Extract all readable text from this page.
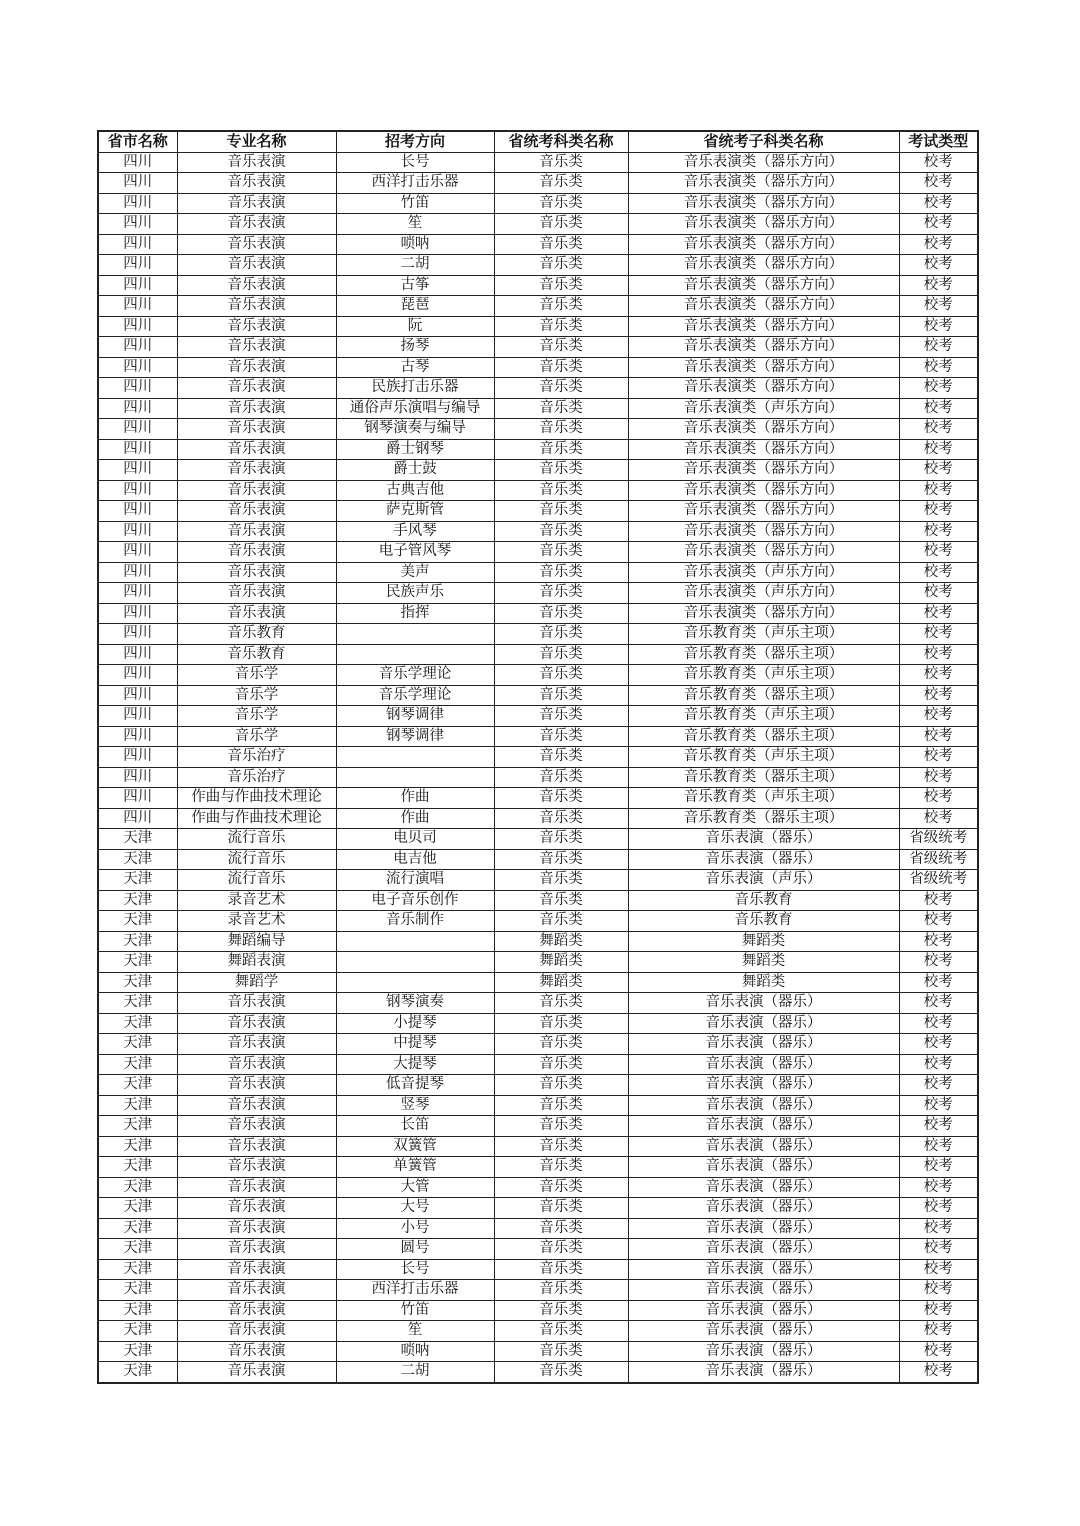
省市名称	专业名称	招考方向	省统考科类名称	省统考子科类名称	考试类型
四川	音乐表演	长号	音乐类	音乐表演类（器乐方向）	校考
四川	音乐表演	西洋打击乐器	音乐类	音乐表演类（器乐方向）	校考
四川	音乐表演	竹笛	音乐类	音乐表演类（器乐方向）	校考
四川	音乐表演	笙	音乐类	音乐表演类（器乐方向）	校考
四川	音乐表演	唢呐	音乐类	音乐表演类（器乐方向）	校考
四川	音乐表演	二胡	音乐类	音乐表演类（器乐方向）	校考
四川	音乐表演	古筝	音乐类	音乐表演类（器乐方向）	校考
四川	音乐表演	琵琶	音乐类	音乐表演类（器乐方向）	校考
四川	音乐表演	阮	音乐类	音乐表演类（器乐方向）	校考
四川	音乐表演	扬琴	音乐类	音乐表演类（器乐方向）	校考
四川	音乐表演	古琴	音乐类	音乐表演类（器乐方向）	校考
四川	音乐表演	民族打击乐器	音乐类	音乐表演类（器乐方向）	校考
四川	音乐表演	通俗声乐演唱与编导	音乐类	音乐表演类（声乐方向）	校考
四川	音乐表演	钢琴演奏与编导	音乐类	音乐表演类（器乐方向）	校考
四川	音乐表演	爵士钢琴	音乐类	音乐表演类（器乐方向）	校考
四川	音乐表演	爵士鼓	音乐类	音乐表演类（器乐方向）	校考
四川	音乐表演	古典吉他	音乐类	音乐表演类（器乐方向）	校考
四川	音乐表演	萨克斯管	音乐类	音乐表演类（器乐方向）	校考
四川	音乐表演	手风琴	音乐类	音乐表演类（器乐方向）	校考
四川	音乐表演	电子管风琴	音乐类	音乐表演类（器乐方向）	校考
四川	音乐表演	美声	音乐类	音乐表演类（声乐方向）	校考
四川	音乐表演	民族声乐	音乐类	音乐表演类（声乐方向）	校考
四川	音乐表演	指挥	音乐类	音乐表演类（器乐方向）	校考
四川	音乐教育		音乐类	音乐教育类（声乐主项）	校考
四川	音乐教育		音乐类	音乐教育类（器乐主项）	校考
四川	音乐学	音乐学理论	音乐类	音乐教育类（声乐主项）	校考
四川	音乐学	音乐学理论	音乐类	音乐教育类（器乐主项）	校考
四川	音乐学	钢琴调律	音乐类	音乐教育类（声乐主项）	校考
四川	音乐学	钢琴调律	音乐类	音乐教育类（器乐主项）	校考
四川	音乐治疗		音乐类	音乐教育类（声乐主项）	校考
四川	音乐治疗		音乐类	音乐教育类（器乐主项）	校考
四川	作曲与作曲技术理论	作曲	音乐类	音乐教育类（声乐主项）	校考
四川	作曲与作曲技术理论	作曲	音乐类	音乐教育类（器乐主项）	校考
天津	流行音乐	电贝司	音乐类	音乐表演（器乐）	省级统考
天津	流行音乐	电吉他	音乐类	音乐表演（器乐）	省级统考
天津	流行音乐	流行演唱	音乐类	音乐表演（声乐）	省级统考
天津	录音艺术	电子音乐创作	音乐类	音乐教育	校考
天津	录音艺术	音乐制作	音乐类	音乐教育	校考
天津	舞蹈编导		舞蹈类	舞蹈类	校考
天津	舞蹈表演		舞蹈类	舞蹈类	校考
天津	舞蹈学		舞蹈类	舞蹈类	校考
天津	音乐表演	钢琴演奏	音乐类	音乐表演（器乐）	校考
天津	音乐表演	小提琴	音乐类	音乐表演（器乐）	校考
天津	音乐表演	中提琴	音乐类	音乐表演（器乐）	校考
天津	音乐表演	大提琴	音乐类	音乐表演（器乐）	校考
天津	音乐表演	低音提琴	音乐类	音乐表演（器乐）	校考
天津	音乐表演	竖琴	音乐类	音乐表演（器乐）	校考
天津	音乐表演	长笛	音乐类	音乐表演（器乐）	校考
天津	音乐表演	双簧管	音乐类	音乐表演（器乐）	校考
天津	音乐表演	单簧管	音乐类	音乐表演（器乐）	校考
天津	音乐表演	大管	音乐类	音乐表演（器乐）	校考
天津	音乐表演	大号	音乐类	音乐表演（器乐）	校考
天津	音乐表演	小号	音乐类	音乐表演（器乐）	校考
天津	音乐表演	圆号	音乐类	音乐表演（器乐）	校考
天津	音乐表演	长号	音乐类	音乐表演（器乐）	校考
天津	音乐表演	西洋打击乐器	音乐类	音乐表演（器乐）	校考
天津	音乐表演	竹笛	音乐类	音乐表演（器乐）	校考
天津	音乐表演	笙	音乐类	音乐表演（器乐）	校考
天津	音乐表演	唢呐	音乐类	音乐表演（器乐）	校考
天津	音乐表演	二胡	音乐类	音乐表演（器乐）	校考
